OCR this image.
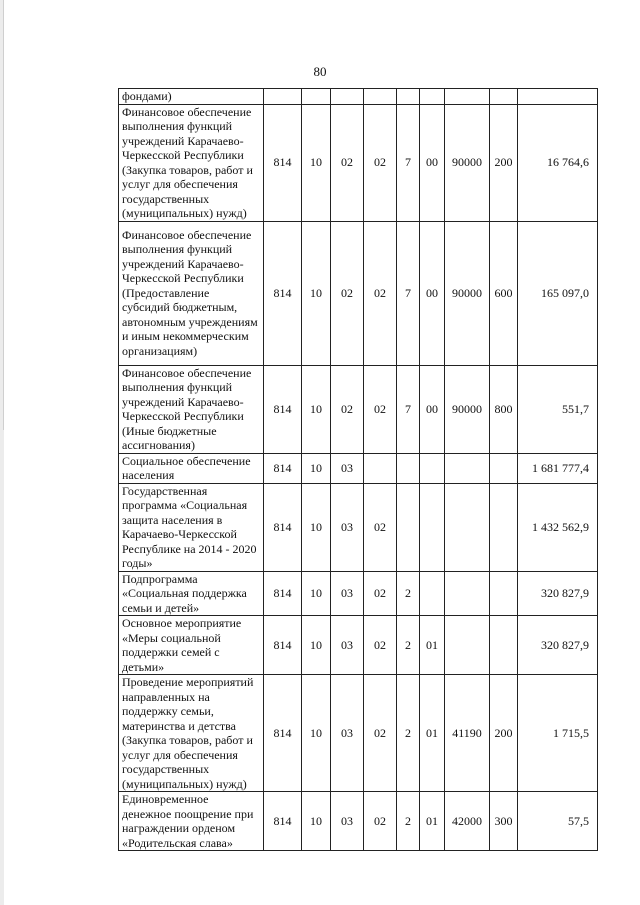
80
фондами)									
Финансовое обеспечение выполнения функций учреждений Карачаево-Черкесской Республики (Закупка товаров, работ и услуг для обеспечения государственных (муниципальных) нужд)	814	10	02	02	7	00	90000	200	16 764,6
Финансовое обеспечение выполнения функций учреждений Карачаево-Черкесской Республики (Предоставление субсидий бюджетным, автономным учреждениям и иным некоммерческим организациям)	814	10	02	02	7	00	90000	600	165 097,0
Финансовое обеспечение выполнения функций учреждений Карачаево-Черкесской Республики (Иные бюджетные ассигнования)	814	10	02	02	7	00	90000	800	551,7
Социальное обеспечение населения	814	10	03						1 681 777,4
Государственная программа «Социальная защита населения в Карачаево-Черкесской Республике на 2014 - 2020 годы»	814	10	03	02					1 432 562,9
Подпрограмма «Социальная поддержка семьи и детей»	814	10	03	02	2				320 827,9
Основное мероприятие «Меры социальной поддержки семей с детьми»	814	10	03	02	2	01			320 827,9
Проведение мероприятий направленных на поддержку семьи, материнства и детства (Закупка товаров, работ и услуг для обеспечения государственных (муниципальных) нужд)	814	10	03	02	2	01	41190	200	1 715,5
Единовременное денежное поощрение при награждении орденом «Родительская слава»	814	10	03	02	2	01	42000	300	57,5
